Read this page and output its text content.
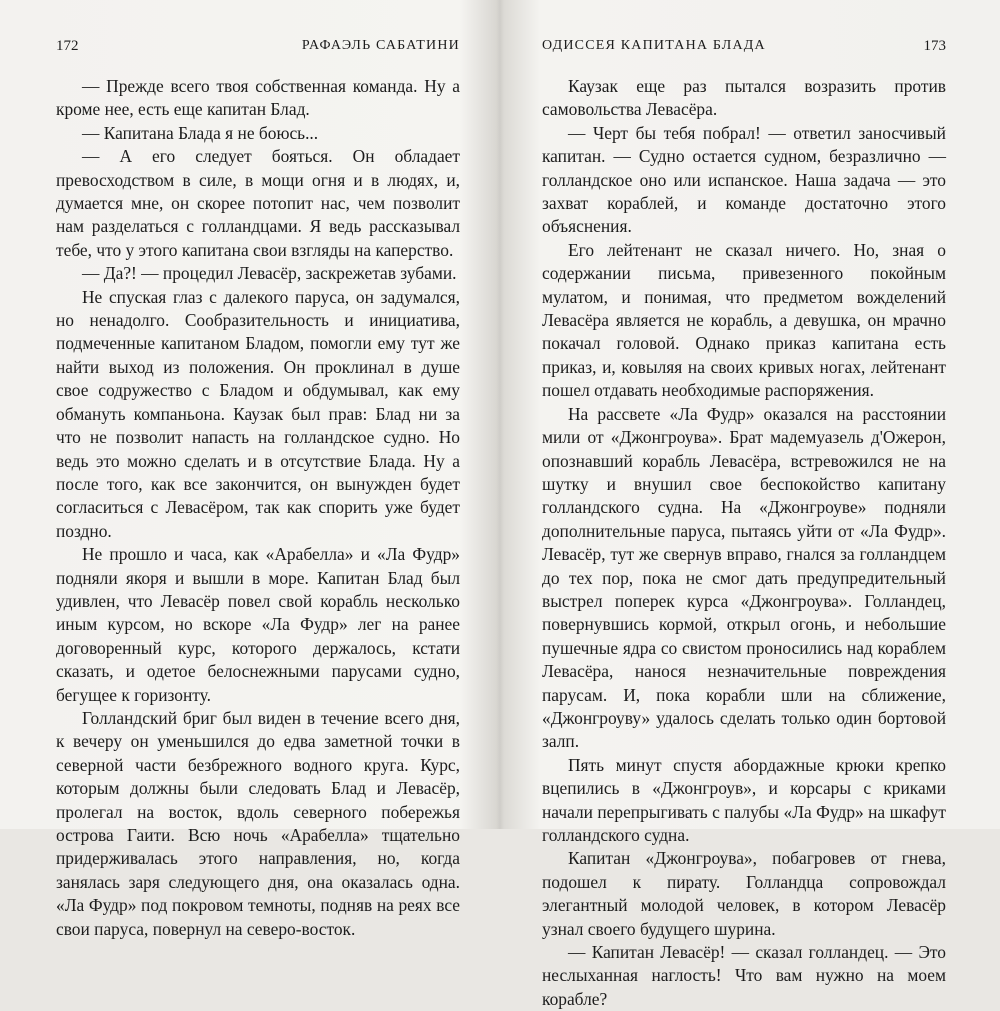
172	РАФАЭЛЬ САБАТИНИ

— Прежде всего твоя собственная команда. Ну а кроме нее, есть еще капитан Блад.

— Капитана Блада я не боюсь...

— А его следует бояться. Он обладает превосходством в силе, в мощи огня и в людях, и, думается мне, он скорее потопит нас, чем позволит нам разделаться с голландцами. Я ведь рассказывал тебе, что у этого капитана свои взгляды на каперство.

— Да?! — процедил Левасёр, заскрежетав зубами.

Не спуская глаз с далекого паруса, он задумался, но ненадолго. Сообразительность и инициатива, подмеченные капитаном Бладом, помогли ему тут же найти выход из положения. Он проклинал в душе свое содружество с Бладом и обдумывал, как ему обмануть компаньона. Каузак был прав: Блад ни за что не позволит напасть на голландское судно. Но ведь это можно сделать и в отсутствие Блада. Ну а после того, как все закончится, он вынужден будет согласиться с Левасёром, так как спорить уже будет поздно.

Не прошло и часа, как «Арабелла» и «Ла Фудр» подняли якоря и вышли в море. Капитан Блад был удивлен, что Левасёр повел свой корабль несколько иным курсом, но вскоре «Ла Фудр» лег на ранее договоренный курс, которого держалось, кстати сказать, и одетое белоснежными парусами судно, бегущее к горизонту.

Голландский бриг был виден в течение всего дня, к вечеру он уменьшился до едва заметной точки в северной части безбрежного водного круга. Курс, которым должны были следовать Блад и Левасёр, пролегал на восток, вдоль северного побережья острова Гаити. Всю ночь «Арабелла» тщательно придерживалась этого направления, но, когда занялась заря следующего дня, она оказалась одна. «Ла Фудр» под покровом темноты, подняв на реях все свои паруса, повернул на северо-восток.

ОДИССЕЯ КАПИТАНА БЛАДА	173

Каузак еще раз пытался возразить против самовольства Левасёра.

— Черт бы тебя побрал! — ответил заносчивый капитан. — Судно остается судном, безразлично — голландское оно или испанское. Наша задача — это захват кораблей, и команде достаточно этого объяснения.

Его лейтенант не сказал ничего. Но, зная о содержании письма, привезенного покойным мулатом, и понимая, что предметом вожделений Левасёра является не корабль, а девушка, он мрачно покачал головой. Однако приказ капитана есть приказ, и, ковыляя на своих кривых ногах, лейтенант пошел отдавать необходимые распоряжения.

На рассвете «Ла Фудр» оказался на расстоянии мили от «Джонгроува». Брат мадемуазель д'Ожерон, опознавший корабль Левасёра, встревожился не на шутку и внушил свое беспокойство капитану голландского судна. На «Джонгроуве» подняли дополнительные паруса, пытаясь уйти от «Ла Фудр». Левасёр, тут же свернув вправо, гнался за голландцем до тех пор, пока не смог дать предупредительный выстрел поперек курса «Джонгроува». Голландец, повернувшись кормой, открыл огонь, и небольшие пушечные ядра со свистом проносились над кораблем Левасёра, нанося незначительные повреждения парусам. И, пока корабли шли на сближение, «Джонгроуву» удалось сделать только один бортовой залп.

Пять минут спустя абордажные крюки крепко вцепились в «Джонгроув», и корсары с криками начали перепрыгивать с палубы «Ла Фудр» на шкафут голландского судна.

Капитан «Джонгроува», побагровев от гнева, подошел к пирату. Голландца сопровождал элегантный молодой человек, в котором Левасёр узнал своего будущего шурина.

— Капитан Левасёр! — сказал голландец. — Это неслыханная наглость! Что вам нужно на моем корабле?
